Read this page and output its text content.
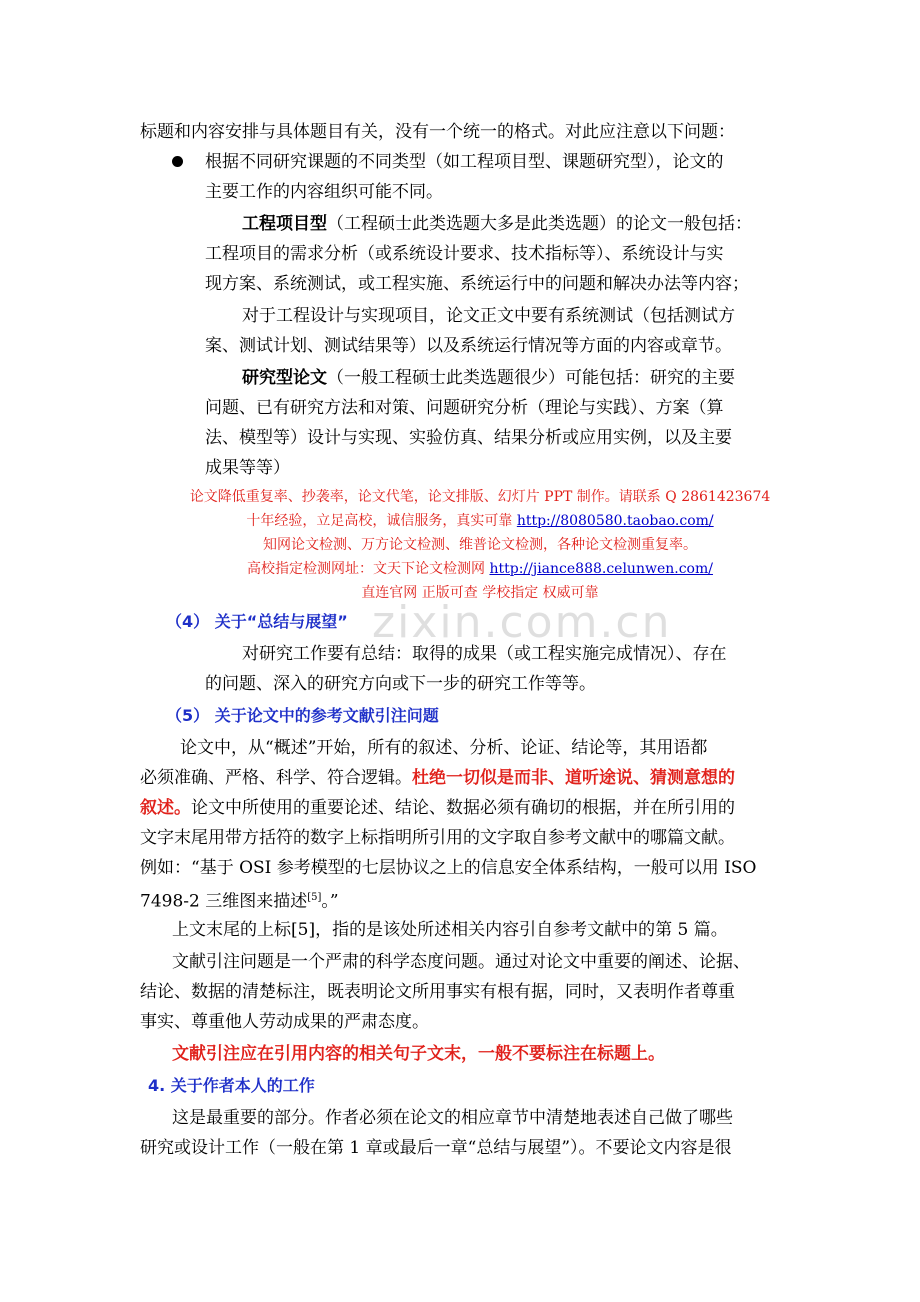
标题和内容安排与具体题目有关，没有一个统一的格式。对此应注意以下问题：
根据不同研究课题的不同类型（如工程项目型、课题研究型），论文的
主要工作的内容组织可能不同。
工程项目型（工程硕士此类选题大多是此类选题）的论文一般包括：
工程项目的需求分析（或系统设计要求、技术指标等）、系统设计与实
现方案、系统测试，或工程实施、系统运行中的问题和解决办法等内容；
对于工程设计与实现项目，论文正文中要有系统测试（包括测试方
案、测试计划、测试结果等）以及系统运行情况等方面的内容或章节。
研究型论文（一般工程硕士此类选题很少）可能包括：研究的主要
问题、已有研究方法和对策、问题研究分析（理论与实践）、方案（算
法、模型等）设计与实现、实验仿真、结果分析或应用实例，以及主要
成果等等）
论文降低重复率、抄袭率，论文代笔，论文排版、幻灯片 PPT 制作。请联系 Q 2861423674
十年经验，立足高校，诚信服务，真实可靠 http://8080580.taobao.com/
知网论文检测、万方论文检测、维普论文检测，各种论文检测重复率。
高校指定检测网址：文天下论文检测网 http://jiance888.celunwen.com/
直连官网 正版可查 学校指定 权威可靠
zixin.com.cn
（4） 关于“总结与展望”
对研究工作要有总结：取得的成果（或工程实施完成情况）、存在
的问题、深入的研究方向或下一步的研究工作等等。
（5） 关于论文中的参考文献引注问题
论文中，从“概述”开始，所有的叙述、分析、论证、结论等，其用语都
必须准确、严格、科学、符合逻辑。杜绝一切似是而非、道听途说、猜测意想的
叙述。论文中所使用的重要论述、结论、数据必须有确切的根据，并在所引用的
文字末尾用带方括符的数字上标指明所引用的文字取自参考文献中的哪篇文献。
例如：“基于 OSI 参考模型的七层协议之上的信息安全体系结构，一般可以用 ISO
7498-2 三维图来描述[5]。”
上文末尾的上标[5]，指的是该处所述相关内容引自参考文献中的第 5 篇。
文献引注问题是一个严肃的科学态度问题。通过对论文中重要的阐述、论据、
结论、数据的清楚标注，既表明论文所用事实有根有据，同时，又表明作者尊重
事实、尊重他人劳动成果的严肃态度。
文献引注应在引用内容的相关句子文末，一般不要标注在标题上。
4. 关于作者本人的工作
这是最重要的部分。作者必须在论文的相应章节中清楚地表述自己做了哪些
研究或设计工作（一般在第 1 章或最后一章“总结与展望”）。不要论文内容是很
